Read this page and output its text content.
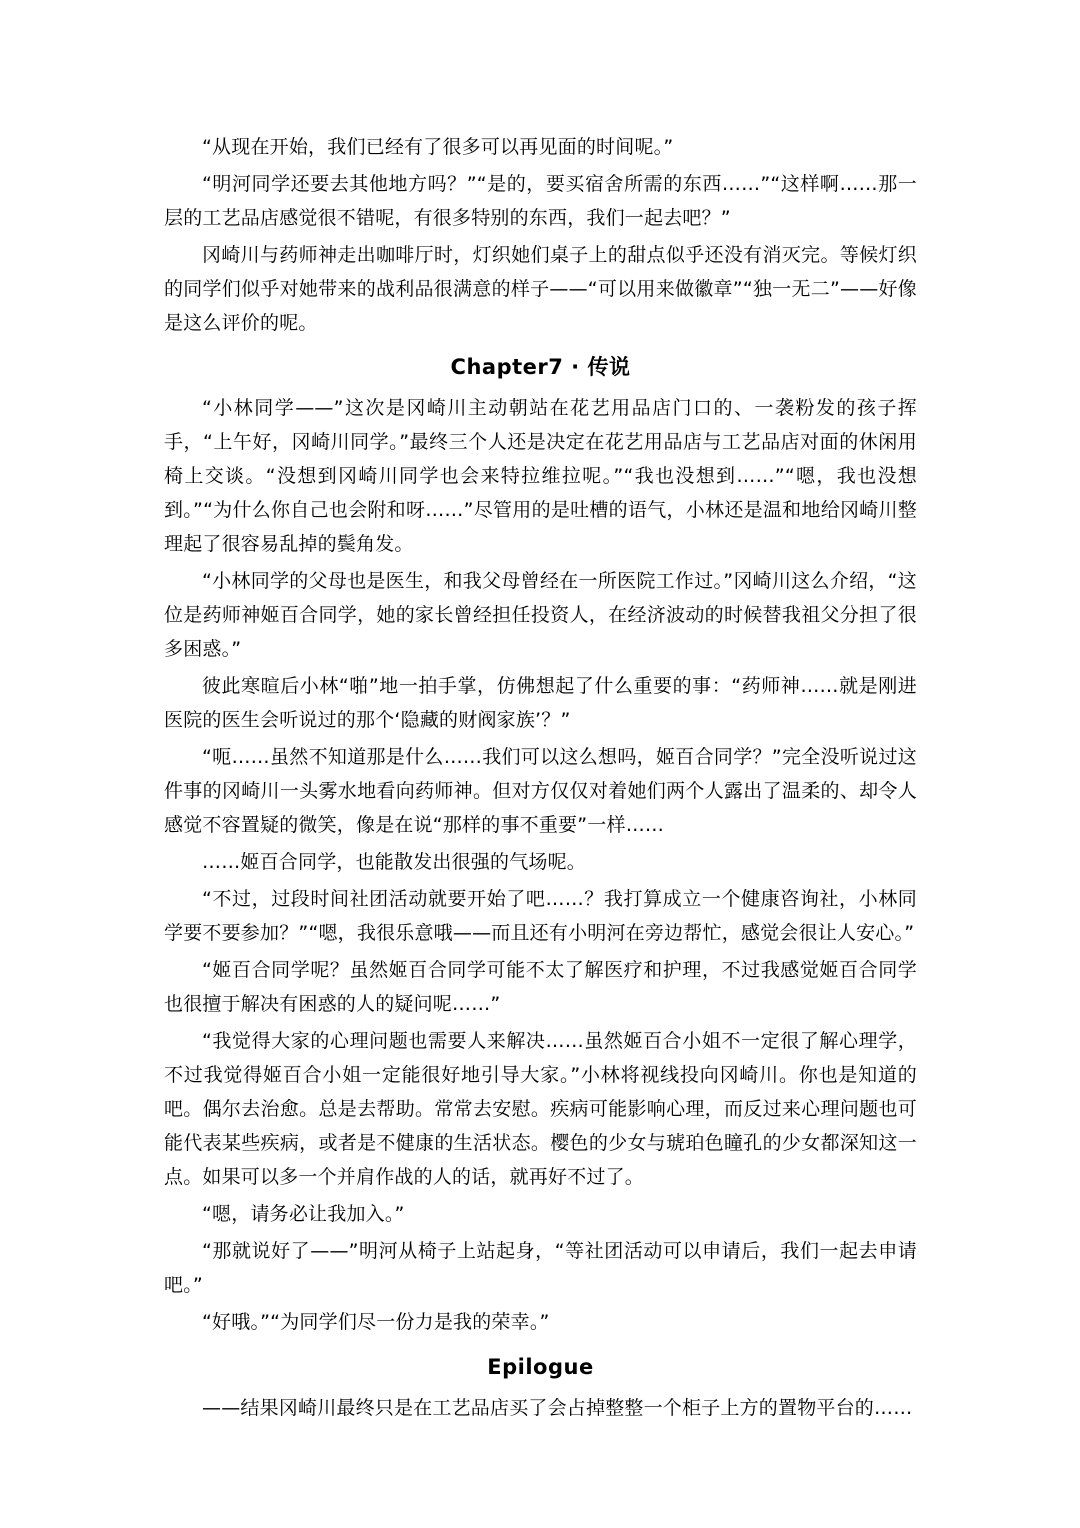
“从现在开始，我们已经有了很多可以再见面的时间呢。”

“明河同学还要去其他地方吗？”“是的，要买宿舍所需的东西……”“这样啊……那一层的工艺品店感觉很不错呢，有很多特别的东西，我们一起去吧？”

冈崎川与药师神走出咖啡厅时，灯织她们桌子上的甜点似乎还没有消灭完。等候灯织的同学们似乎对她带来的战利品很满意的样子——“可以用来做徽章”“独一无二”——好像是这么评价的呢。

Chapter7 · 传说

“小林同学——”这次是冈崎川主动朝站在花艺用品店门口的、一袭粉发的孩子挥手，“上午好，冈崎川同学。”最终三个人还是决定在花艺用品店与工艺品店对面的休闲用椅上交谈。“没想到冈崎川同学也会来特拉维拉呢。”“我也没想到……”“嗯，我也没想到。”“为什么你自己也会附和呀……”尽管用的是吐槽的语气，小林还是温和地给冈崎川整理起了很容易乱掉的鬓角发。

“小林同学的父母也是医生，和我父母曾经在一所医院工作过。”冈崎川这么介绍，“这位是药师神姬百合同学，她的家长曾经担任投资人，在经济波动的时候替我祖父分担了很多困惑。”

彼此寒暄后小林“啪”地一拍手掌，仿佛想起了什么重要的事：“药师神……就是刚进医院的医生会听说过的那个‘隐藏的财阀家族’？”

“呃……虽然不知道那是什么……我们可以这么想吗，姬百合同学？”完全没听说过这件事的冈崎川一头雾水地看向药师神。但对方仅仅对着她们两个人露出了温柔的、却令人感觉不容置疑的微笑，像是在说“那样的事不重要”一样……

……姬百合同学，也能散发出很强的气场呢。

“不过，过段时间社团活动就要开始了吧……？我打算成立一个健康咨询社，小林同学要不要参加？”“嗯，我很乐意哦——而且还有小明河在旁边帮忙，感觉会很让人安心。”

“姬百合同学呢？虽然姬百合同学可能不太了解医疗和护理，不过我感觉姬百合同学也很擅于解决有困惑的人的疑问呢……”

“我觉得大家的心理问题也需要人来解决……虽然姬百合小姐不一定很了解心理学，不过我觉得姬百合小姐一定能很好地引导大家。”小林将视线投向冈崎川。你也是知道的吧。偶尔去治愈。总是去帮助。常常去安慰。疾病可能影响心理，而反过来心理问题也可能代表某些疾病，或者是不健康的生活状态。樱色的少女与琥珀色瞳孔的少女都深知这一点。如果可以多一个并肩作战的人的话，就再好不过了。

“嗯，请务必让我加入。”

“那就说好了——”明河从椅子上站起身，“等社团活动可以申请后，我们一起去申请吧。”

“好哦。”“为同学们尽一份力是我的荣幸。”

Epilogue

——结果冈崎川最终只是在工艺品店买了会占掉整整一个柜子上方的置物平台的……
